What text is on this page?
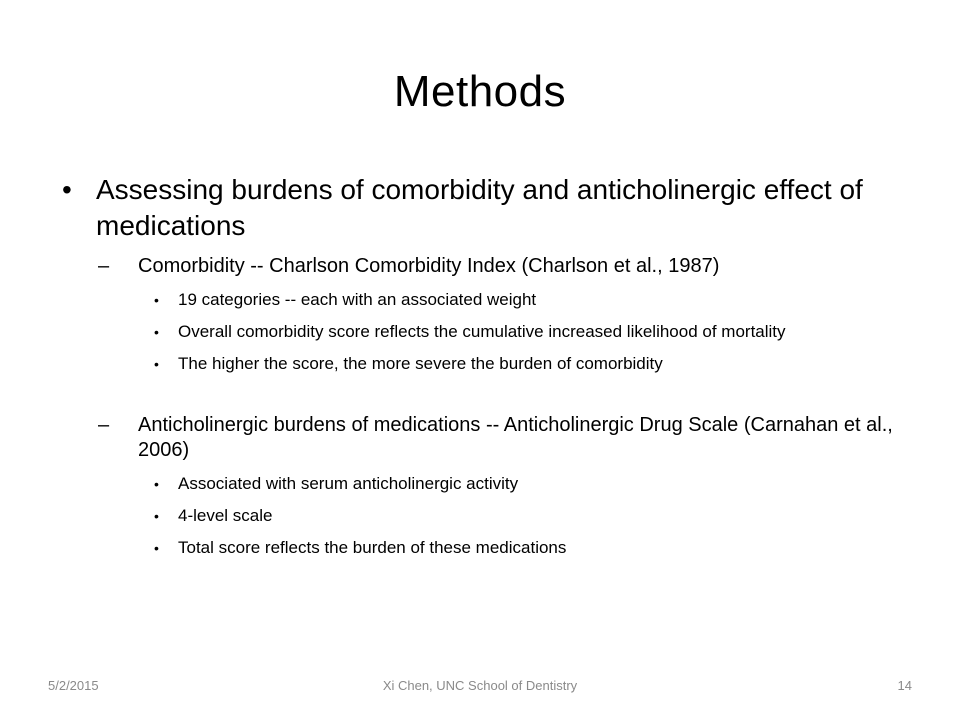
Methods
• Assessing burdens of comorbidity and anticholinergic effect of medications
– Comorbidity -- Charlson Comorbidity Index (Charlson et al., 1987)
• 19 categories -- each with an associated weight
• Overall comorbidity score reflects the cumulative increased likelihood of mortality
• The higher the score, the more severe the burden of comorbidity
– Anticholinergic burdens of medications -- Anticholinergic Drug Scale (Carnahan et al., 2006)
• Associated with serum anticholinergic activity
• 4-level scale
• Total score reflects the burden of these medications
Xi Chen, UNC School of Dentistry
5/2/2015	14
